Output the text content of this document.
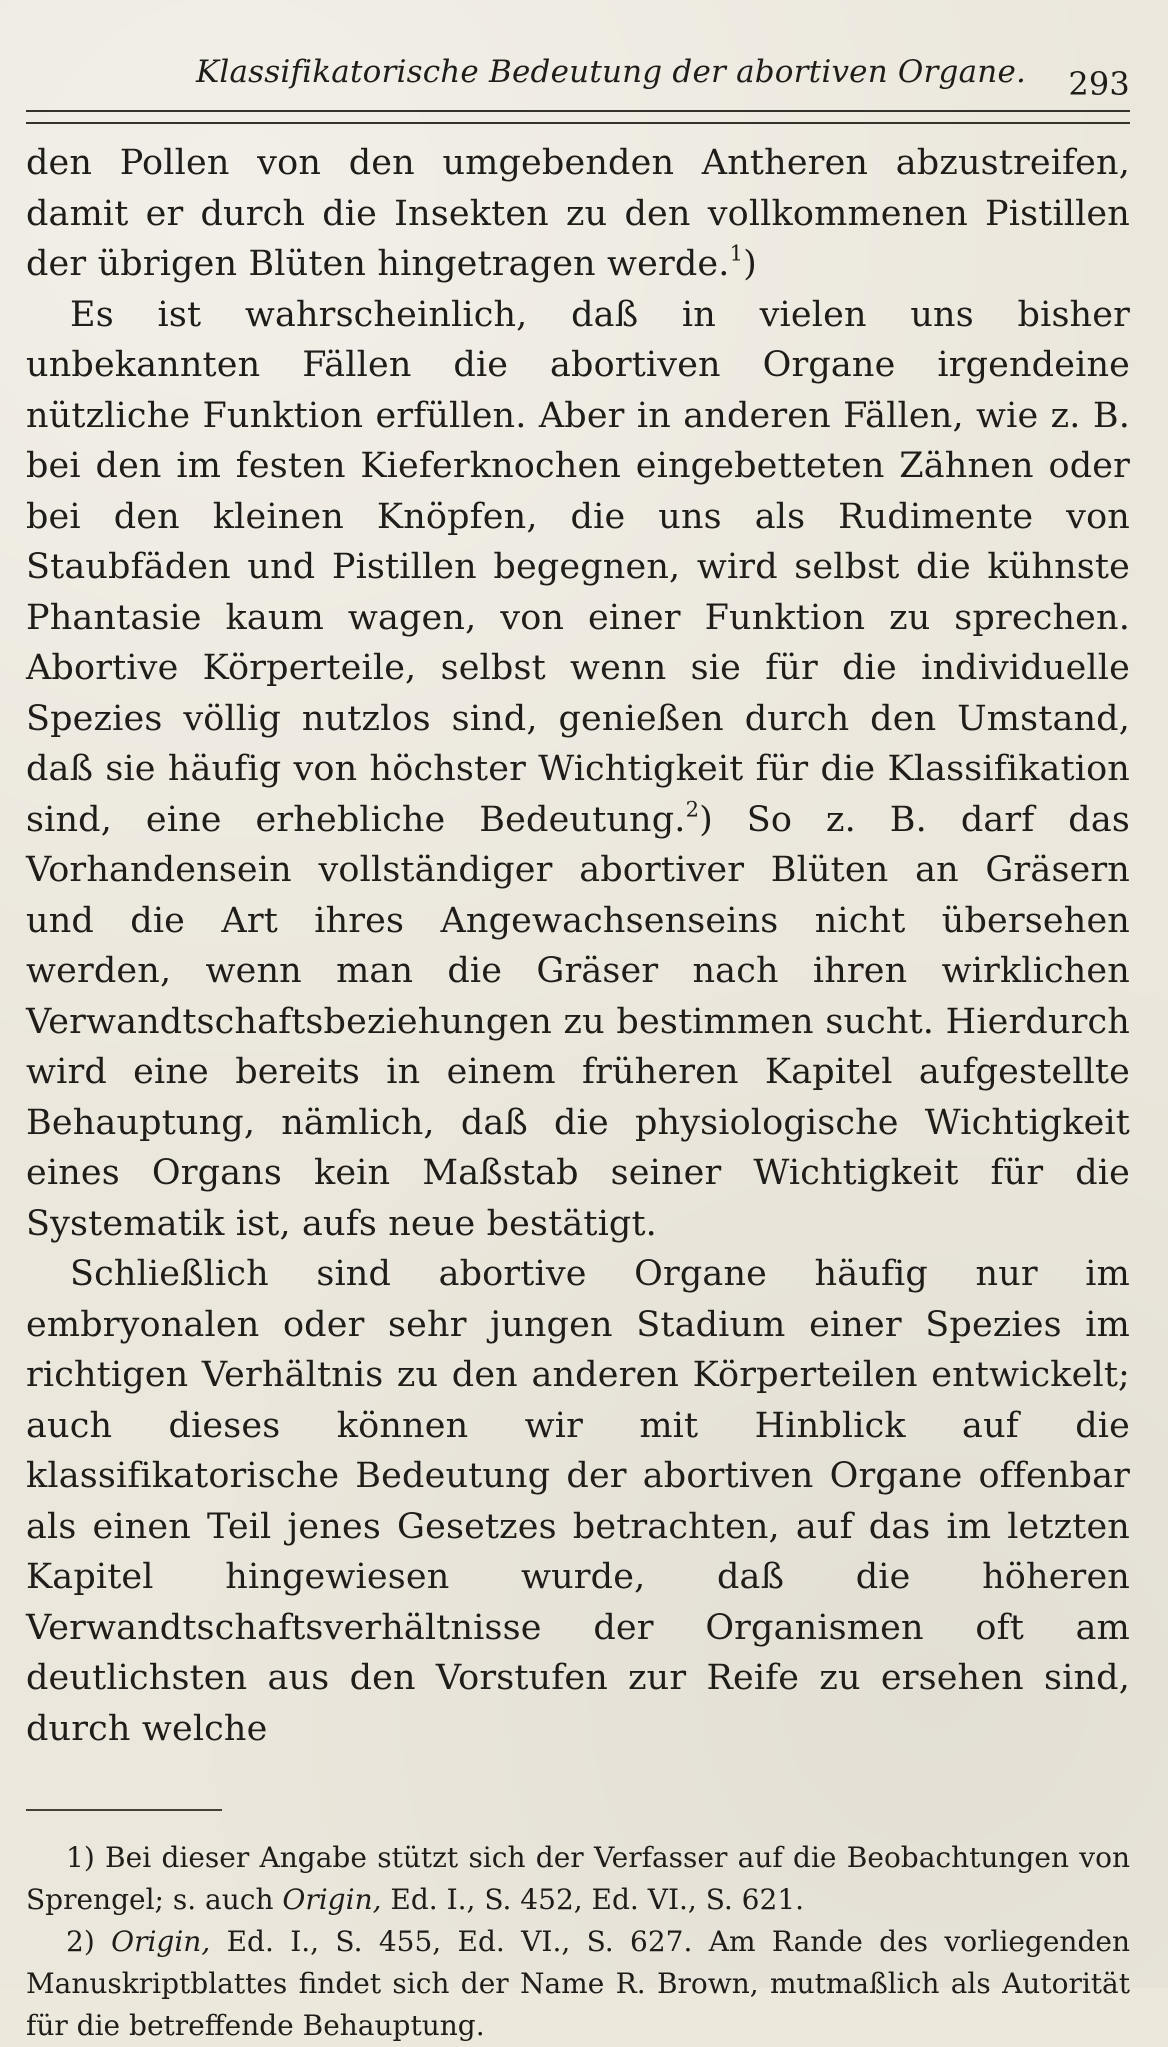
Klassifikatorische Bedeutung der abortiven Organe. 293

den Pollen von den umgebenden Antheren abzustreifen, damit er durch die Insekten zu den vollkommenen Pistillen der übrigen Blüten hingetragen werde.$^1$)

Es ist wahrscheinlich, daß in vielen uns bisher unbekannten Fällen die abortiven Organe irgendeine nützliche Funktion erfüllen. Aber in anderen Fällen, wie z. B. bei den im festen Kieferknochen eingebetteten Zähnen oder bei den kleinen Knöpfen, die uns als Rudimente von Staubfäden und Pistillen begegnen, wird selbst die kühnste Phantasie kaum wagen, von einer Funktion zu sprechen. Abortive Körperteile, selbst wenn sie für die individuelle Spezies völlig nutzlos sind, genießen durch den Umstand, daß sie häufig von höchster Wichtigkeit für die Klassifikation sind, eine erhebliche Bedeutung.$^2$) So z. B. darf das Vorhandensein vollständiger abortiver Blüten an Gräsern und die Art ihres Angewachsenseins nicht übersehen werden, wenn man die Gräser nach ihren wirklichen Verwandtschaftsbeziehungen zu bestimmen sucht. Hierdurch wird eine bereits in einem früheren Kapitel aufgestellte Behauptung, nämlich, daß die physiologische Wichtigkeit eines Organs kein Maßstab seiner Wichtigkeit für die Systematik ist, aufs neue bestätigt.

Schließlich sind abortive Organe häufig nur im embryonalen oder sehr jungen Stadium einer Spezies im richtigen Verhältnis zu den anderen Körperteilen entwickelt; auch dieses können wir mit Hinblick auf die klassifikatorische Bedeutung der abortiven Organe offenbar als einen Teil jenes Gesetzes betrachten, auf das im letzten Kapitel hingewiesen wurde, daß die höheren Verwandtschaftsverhältnisse der Organismen oft am deutlichsten aus den Vorstufen zur Reife zu ersehen sind, durch welche

1) Bei dieser Angabe stützt sich der Verfasser auf die Beobachtungen von Sprengel; s. auch Origin, Ed. I., S. 452, Ed. VI., S. 621.

2) Origin, Ed. I., S. 455, Ed. VI., S. 627. Am Rande des vorliegenden Manuskriptblattes findet sich der Name R. Brown, mutmaßlich als Autorität für die betreffende Behauptung.
